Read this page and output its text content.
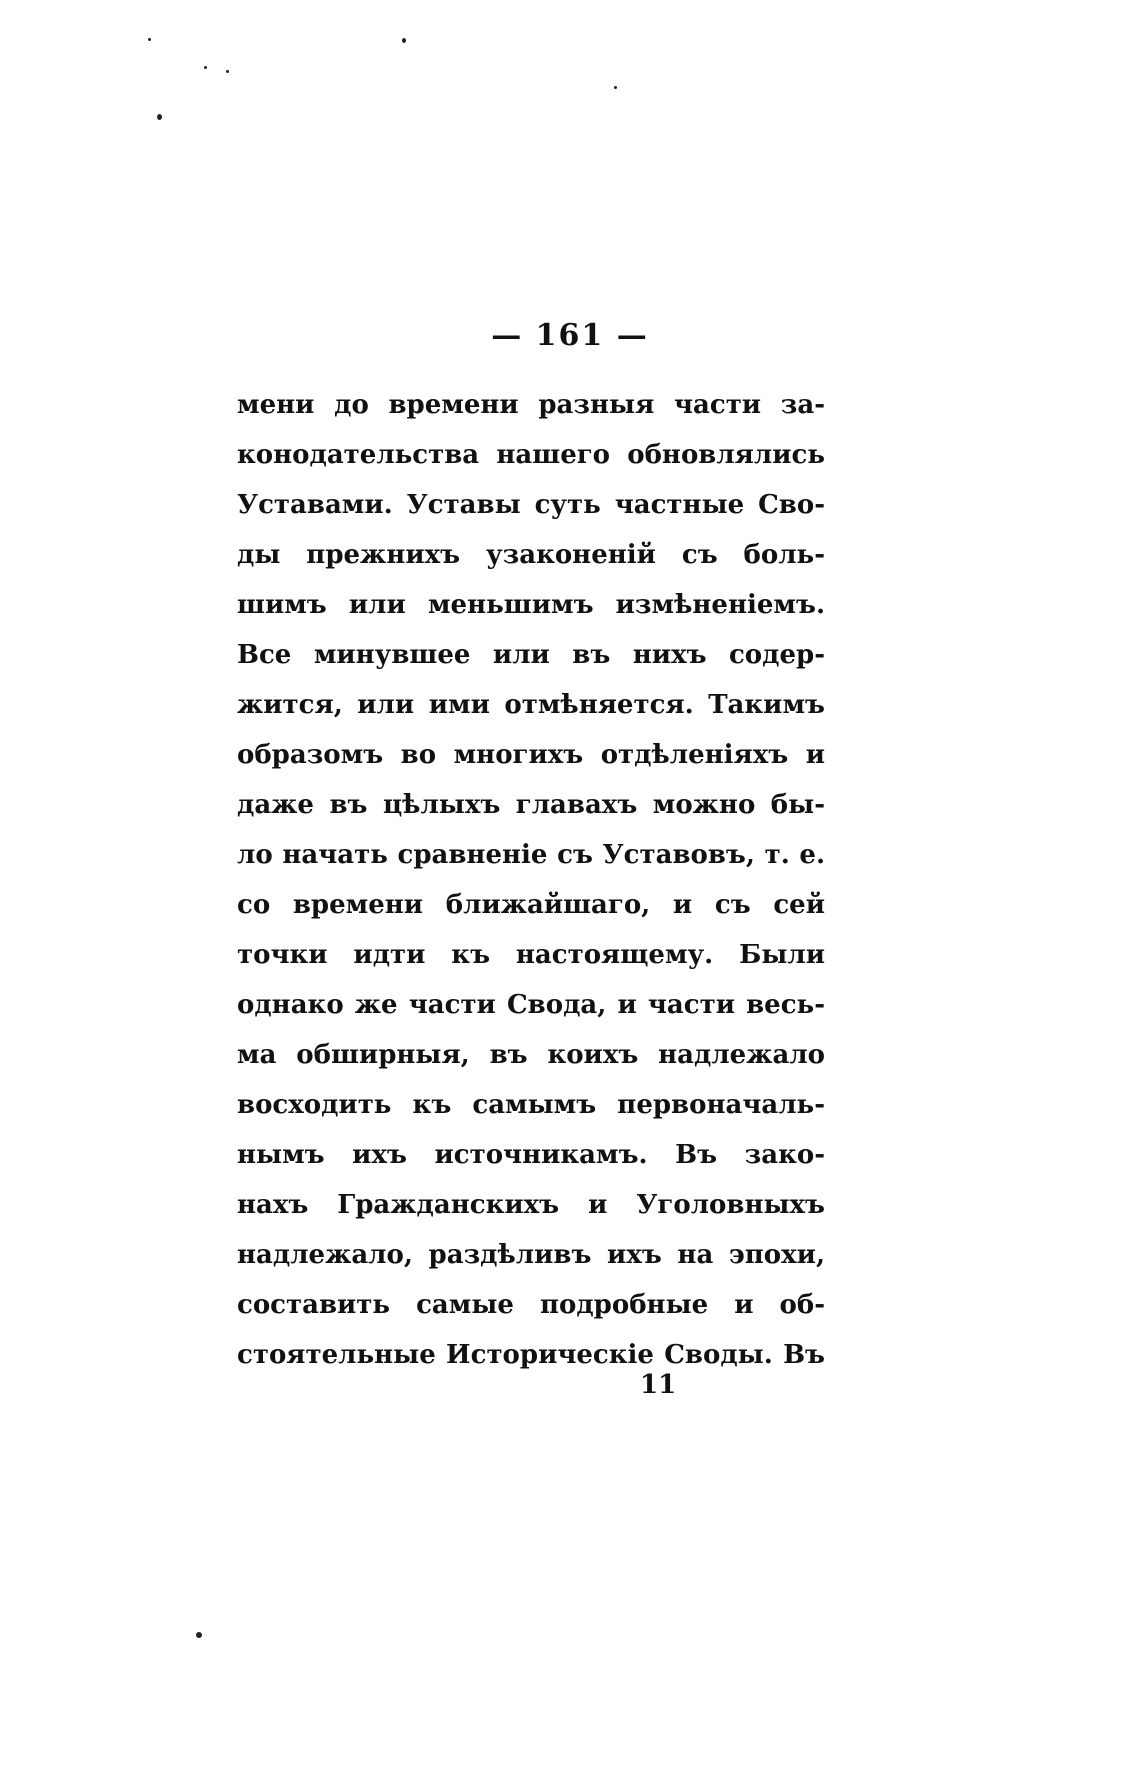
— 161 —
мени до времени разныя части за-
конодательства нашего обновлялись
Уставами. Уставы суть частные Сво-
ды прежнихъ узаконеній съ боль-
шимъ или меньшимъ измѣненіемъ.
Все минувшее или въ нихъ содер-
жится, или ими отмѣняется. Такимъ
образомъ во многихъ отдѣленіяхъ и
даже въ цѣлыхъ главахъ можно бы-
ло начать сравненіе съ Уставовъ, т. е.
со времени ближайшаго, и съ сей
точки идти къ настоящему. Были
однако же части Свода, и части весь-
ма обширныя, въ коихъ надлежало
восходить къ самымъ первоначаль-
нымъ ихъ источникамъ. Въ зако-
нахъ Гражданскихъ и Уголовныхъ
надлежало, раздѣливъ ихъ на эпохи,
составить самые подробные и об-
стоятельные Историческіе Своды. Въ
11
